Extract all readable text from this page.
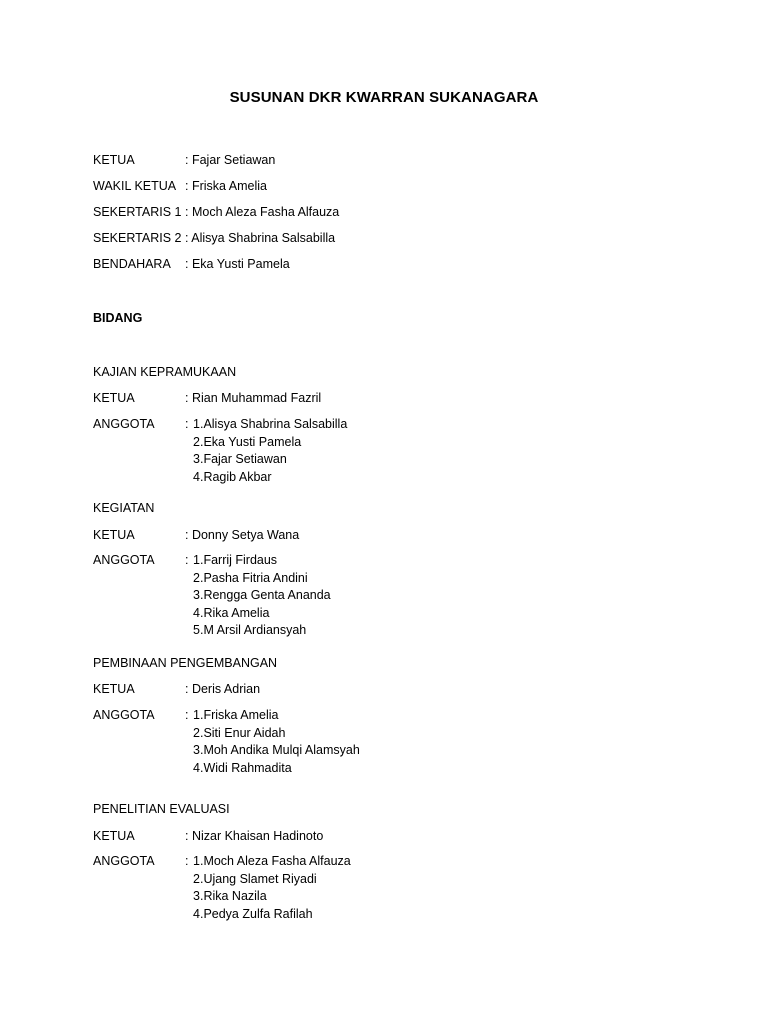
SUSUNAN DKR KWARRAN SUKANAGARA
KETUA	: Fajar Setiawan
WAKIL KETUA	: Friska Amelia
SEKERTARIS 1 : Moch Aleza Fasha Alfauza
SEKERTARIS 2 : Alisya Shabrina Salsabilla
BENDAHARA	: Eka Yusti Pamela
BIDANG
KAJIAN KEPRAMUKAAN
KETUA	: Rian Muhammad Fazril
ANGGOTA : 1.Alisya Shabrina Salsabilla
2.Eka Yusti Pamela
3.Fajar Setiawan
4.Ragib Akbar
KEGIATAN
KETUA	: Donny Setya Wana
ANGGOTA : 1.Farrij Firdaus
2.Pasha Fitria Andini
3.Rengga Genta Ananda
4.Rika Amelia
5.M Arsil Ardiansyah
PEMBINAAN PENGEMBANGAN
KETUA	: Deris Adrian
ANGGOTA : 1.Friska Amelia
2.Siti Enur Aidah
3.Moh Andika Mulqi Alamsyah
4.Widi Rahmadita
PENELITIAN EVALUASI
KETUA	: Nizar Khaisan Hadinoto
ANGGOTA : 1.Moch Aleza Fasha Alfauza
2.Ujang Slamet Riyadi
3.Rika Nazila
4.Pedya Zulfa Rafilah
